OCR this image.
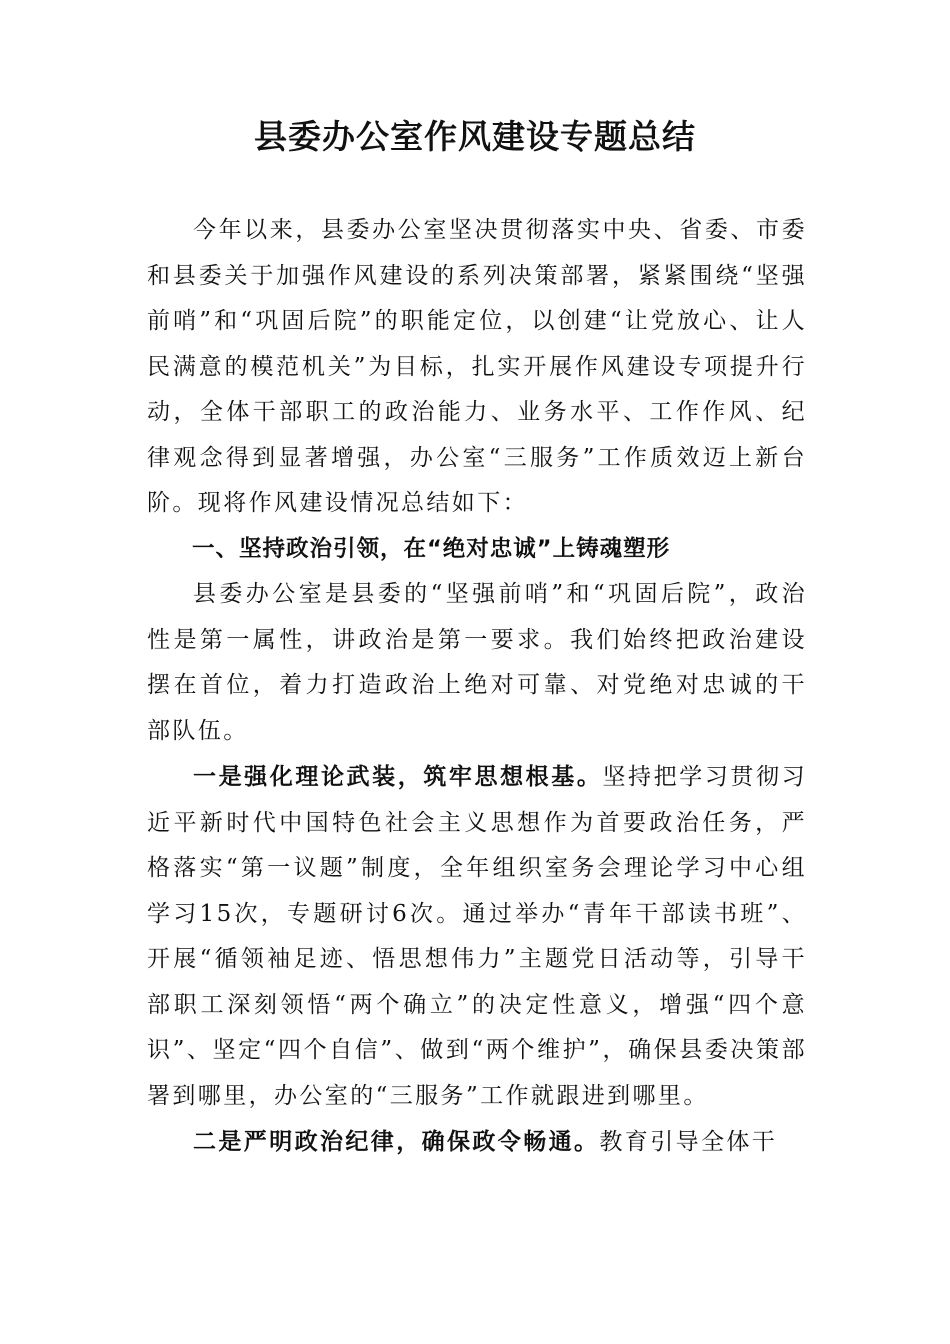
县委办公室作风建设专题总结

今年以来，县委办公室坚决贯彻落实中央、省委、市委和县委关于加强作风建设的系列决策部署，紧紧围绕“坚强前哨”和“巩固后院”的职能定位，以创建“让党放心、让人民满意的模范机关”为目标，扎实开展作风建设专项提升行动，全体干部职工的政治能力、业务水平、工作作风、纪律观念得到显著增强，办公室“三服务”工作质效迈上新台阶。现将作风建设情况总结如下：

一、坚持政治引领，在“绝对忠诚”上铸魂塑形

县委办公室是县委的“坚强前哨”和“巩固后院”，政治性是第一属性，讲政治是第一要求。我们始终把政治建设摆在首位，着力打造政治上绝对可靠、对党绝对忠诚的干部队伍。

一是强化理论武装，筑牢思想根基。坚持把学习贯彻习近平新时代中国特色社会主义思想作为首要政治任务，严格落实“第一议题”制度，全年组织室务会理论学习中心组学习15次，专题研讨6次。通过举办“青年干部读书班”、开展“循领袖足迹、悟思想伟力”主题党日活动等，引导干部职工深刻领悟“两个确立”的决定性意义，增强“四个意识”、坚定“四个自信”、做到“两个维护”，确保县委决策部署到哪里，办公室的“三服务”工作就跟进到哪里。

二是严明政治纪律，确保政令畅通。教育引导全体干
